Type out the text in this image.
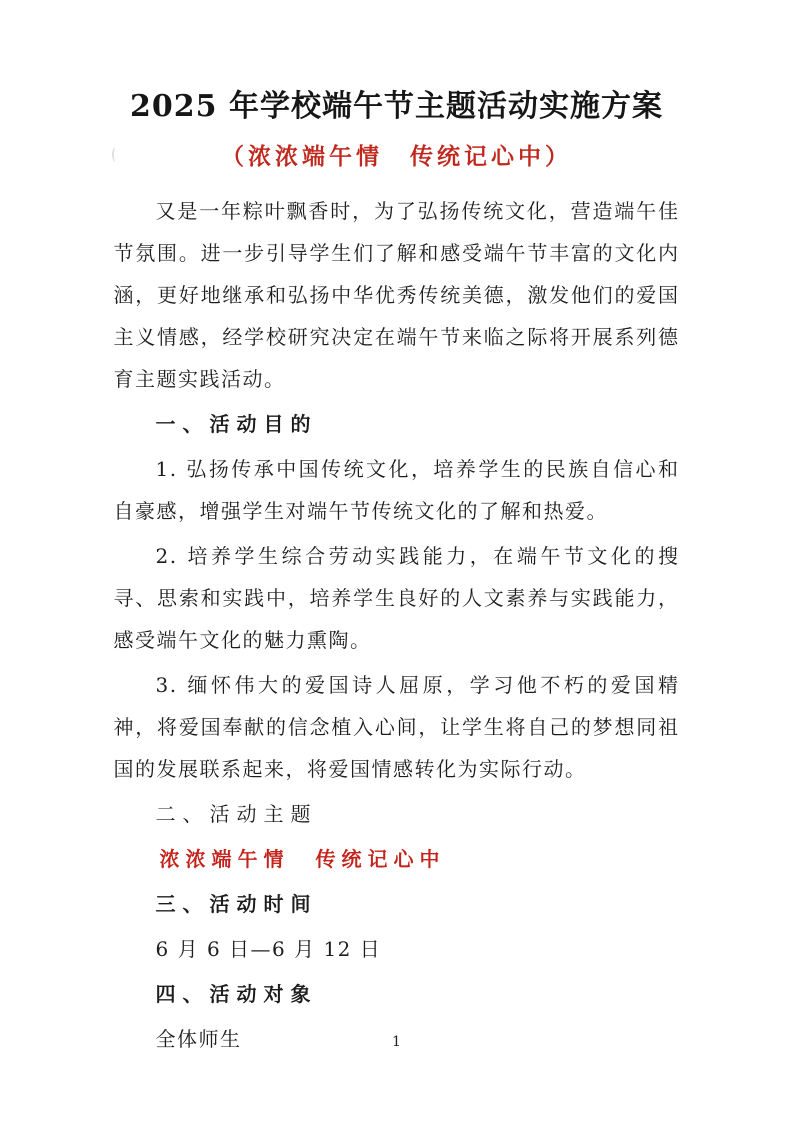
2025 年学校端午节主题活动实施方案
（浓浓端午情　传统记心中）

又是一年粽叶飘香时，为了弘扬传统文化，营造端午佳节氛围。进一步引导学生们了解和感受端午节丰富的文化内涵，更好地继承和弘扬中华优秀传统美德，激发他们的爱国主义情感，经学校研究决定在端午节来临之际将开展系列德育主题实践活动。

一、活动目的

1. 弘扬传承中国传统文化，培养学生的民族自信心和自豪感，增强学生对端午节传统文化的了解和热爱。

2. 培养学生综合劳动实践能力，在端午节文化的搜寻、思索和实践中，培养学生良好的人文素养与实践能力，感受端午文化的魅力熏陶。

3. 缅怀伟大的爱国诗人屈原，学习他不朽的爱国精神，将爱国奉献的信念植入心间，让学生将自己的梦想同祖国的发展联系起来，将爱国情感转化为实际行动。

二、活动主题

浓浓端午情　传统记心中

三、活动时间

6 月 6 日—6 月 12 日

四、活动对象

全体师生	1
